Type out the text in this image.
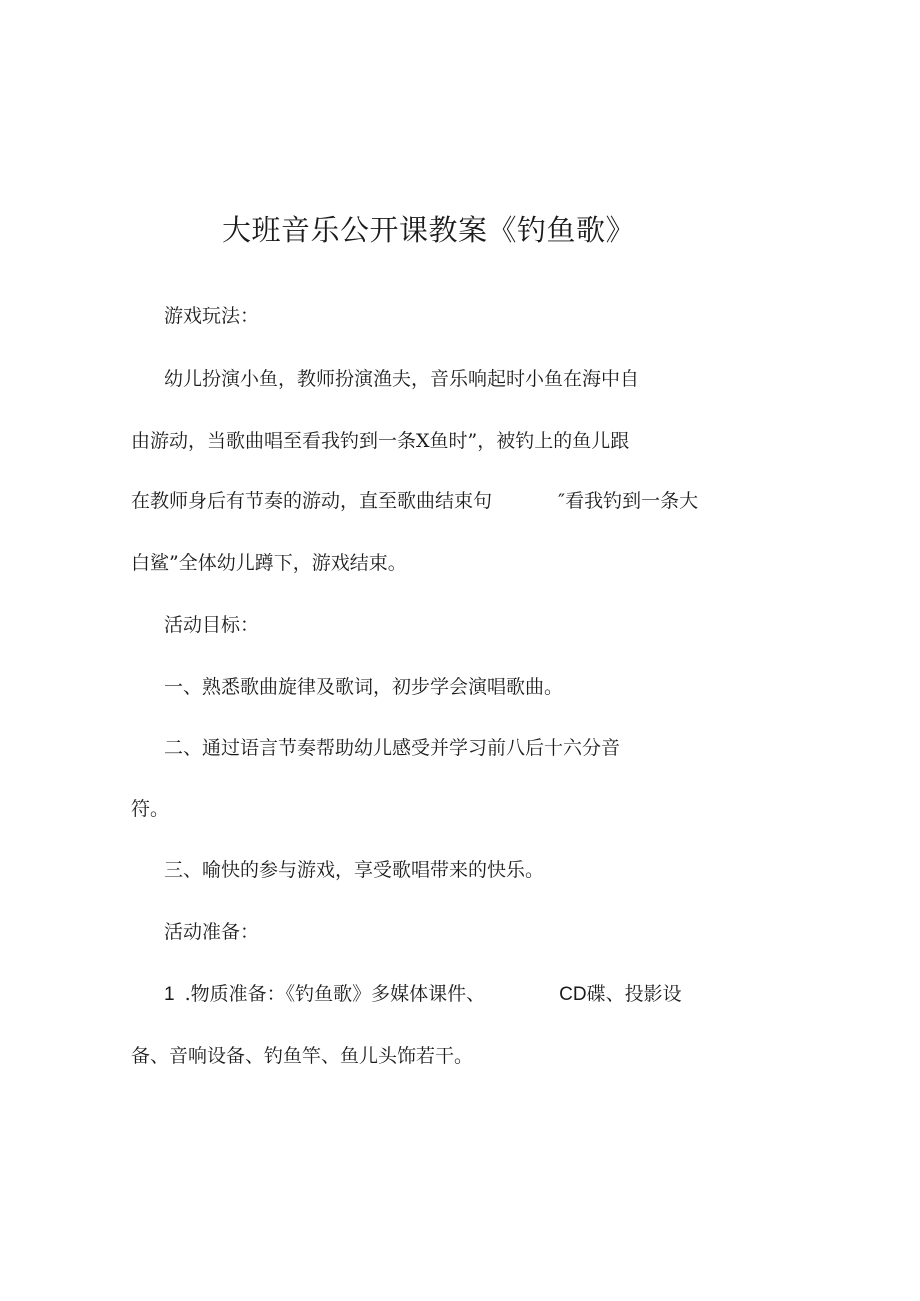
大班音乐公开课教案《钓鱼歌》
游戏玩法：
幼儿扮演小鱼，教师扮演渔夫，音乐响起时小鱼在海中自
由游动，当歌曲唱至看我钓到一条X鱼时”，被钓上的鱼儿跟
在教师身后有节奏的游动，直至歌曲结束句	″看我钓到一条大
白鲨”全体幼儿蹲下，游戏结束。
活动目标：
一、熟悉歌曲旋律及歌词，初步学会演唱歌曲。
二、通过语言节奏帮助幼儿感受并学习前八后十六分音
符。
三、喻快的参与游戏，享受歌唱带来的快乐。
活动准备：
1 .物质准备：《钓鱼歌》多媒体课件、	CD碟、投影设
备、音响设备、钓鱼竿、鱼儿头饰若干。
